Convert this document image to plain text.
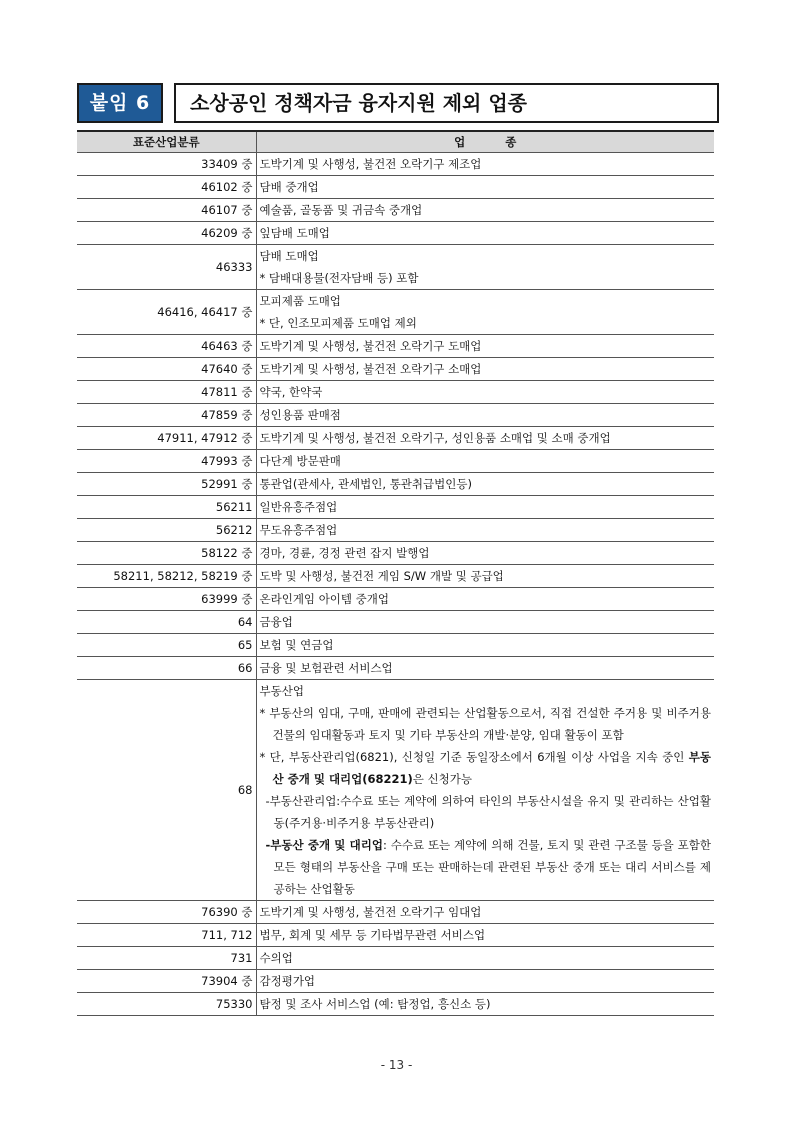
붙임 6	소상공인 정책자금 융자지원 제외 업종
표준산업분류	업          종
33409 중	도박기계 및 사행성, 불건전 오락기구 제조업

46102 중	담배 중개업

46107 중	예술품, 골동품 및 귀금속 중개업

46209 중	잎담배 도매업

46333	담배 도매업
* 담배대용물(전자담배 등) 포함

46416, 46417 중	모피제품 도매업
* 단, 인조모피제품 도매업 제외

46463 중	도박기계 및 사행성, 불건전 오락기구 도매업

47640 중	도박기계 및 사행성, 불건전 오락기구 소매업

47811 중	약국, 한약국

47859 중	성인용품 판매점

47911, 47912 중	도박기계 및 사행성, 불건전 오락기구, 성인용품 소매업 및 소매 중개업

47993 중	다단계 방문판매

52991 중	통관업(관세사, 관세법인, 통관취급법인등)

56211	일반유흥주점업

56212	무도유흥주점업

58122 중	경마, 경륜, 경정 관련 잡지 발행업

58211, 58212, 58219 중	도박 및 사행성, 불건전 게임 S/W 개발 및 공급업

63999 중	온라인게임 아이템 중개업

64	금융업

65	보험 및 연금업

66	금융 및 보험관련 서비스업

68	부동산업
* 부동산의 임대, 구매, 판매에 관련되는 산업활동으로서, 직접 건설한 주거용 및 비주거용 건물의 임대활동과 토지 및 기타 부동산의 개발·분양, 임대 활동이 포함
* 단, 부동산관리업(6821), 신청일 기준 동일장소에서 6개월 이상 사업을 지속 중인 부동산 중개 및 대리업(68221)은 신청가능
-부동산관리업:수수료 또는 계약에 의하여 타인의 부동산시설을 유지 및 관리하는 산업활동(주거용·비주거용 부동산관리)
-부동산 중개 및 대리업: 수수료 또는 계약에 의해 건물, 토지 및 관련 구조물 등을 포함한 모든 형태의 부동산을 구매 또는 판매하는데 관련된 부동산 중개 또는 대리 서비스를 제공하는 산업활동

76390 중	도박기계 및 사행성, 불건전 오락기구 임대업

711, 712	법무, 회계 및 세무 등 기타법무관련 서비스업

731	수의업

73904 중	감정평가업

75330	탐정 및 조사 서비스업 (예: 탐정업, 흥신소 등)
- 13 -
